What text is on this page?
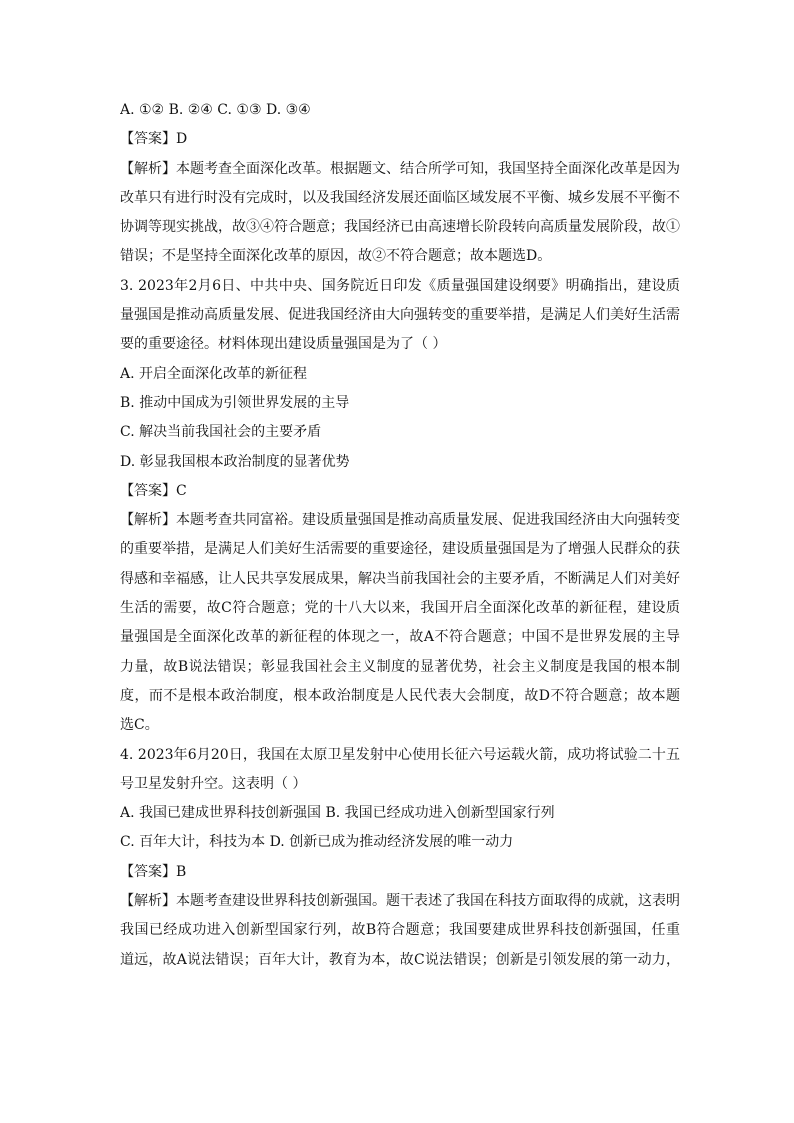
A. ①② B. ②④ C. ①③ D. ③④
【答案】D
【解析】本题考查全面深化改革。根据题文、结合所学可知，我国坚持全面深化改革是因为
改革只有进行时没有完成时，以及我国经济发展还面临区域发展不平衡、城乡发展不平衡不
协调等现实挑战，故③④符合题意；我国经济已由高速增长阶段转向高质量发展阶段，故①
错误；不是坚持全面深化改革的原因，故②不符合题意；故本题选D。
3. 2023年2月6日、中共中央、国务院近日印发《质量强国建设纲要》明确指出，建设质
量强国是推动高质量发展、促进我国经济由大向强转变的重要举措，是满足人们美好生活需
要的重要途径。材料体现出建设质量强国是为了（ ）
A. 开启全面深化改革的新征程
B. 推动中国成为引领世界发展的主导
C. 解决当前我国社会的主要矛盾
D. 彰显我国根本政治制度的显著优势
【答案】C
【解析】本题考查共同富裕。建设质量强国是推动高质量发展、促进我国经济由大向强转变
的重要举措，是满足人们美好生活需要的重要途径，建设质量强国是为了增强人民群众的获
得感和幸福感，让人民共享发展成果，解决当前我国社会的主要矛盾，不断满足人们对美好
生活的需要，故C符合题意；党的十八大以来，我国开启全面深化改革的新征程，建设质
量强国是全面深化改革的新征程的体现之一，故A不符合题意；中国不是世界发展的主导
力量，故B说法错误；彰显我国社会主义制度的显著优势，社会主义制度是我国的根本制
度，而不是根本政治制度，根本政治制度是人民代表大会制度，故D不符合题意；故本题
选C。
4. 2023年6月20日，我国在太原卫星发射中心使用长征六号运载火箭，成功将试验二十五
号卫星发射升空。这表明（ ）
A. 我国已建成世界科技创新强国 B. 我国已经成功进入创新型国家行列
C. 百年大计，科技为本 D. 创新已成为推动经济发展的唯一动力
【答案】B
【解析】本题考查建设世界科技创新强国。题干表述了我国在科技方面取得的成就，这表明
我国已经成功进入创新型国家行列，故B符合题意；我国要建成世界科技创新强国，任重
道远，故A说法错误；百年大计，教育为本，故C说法错误；创新是引领发展的第一动力，
